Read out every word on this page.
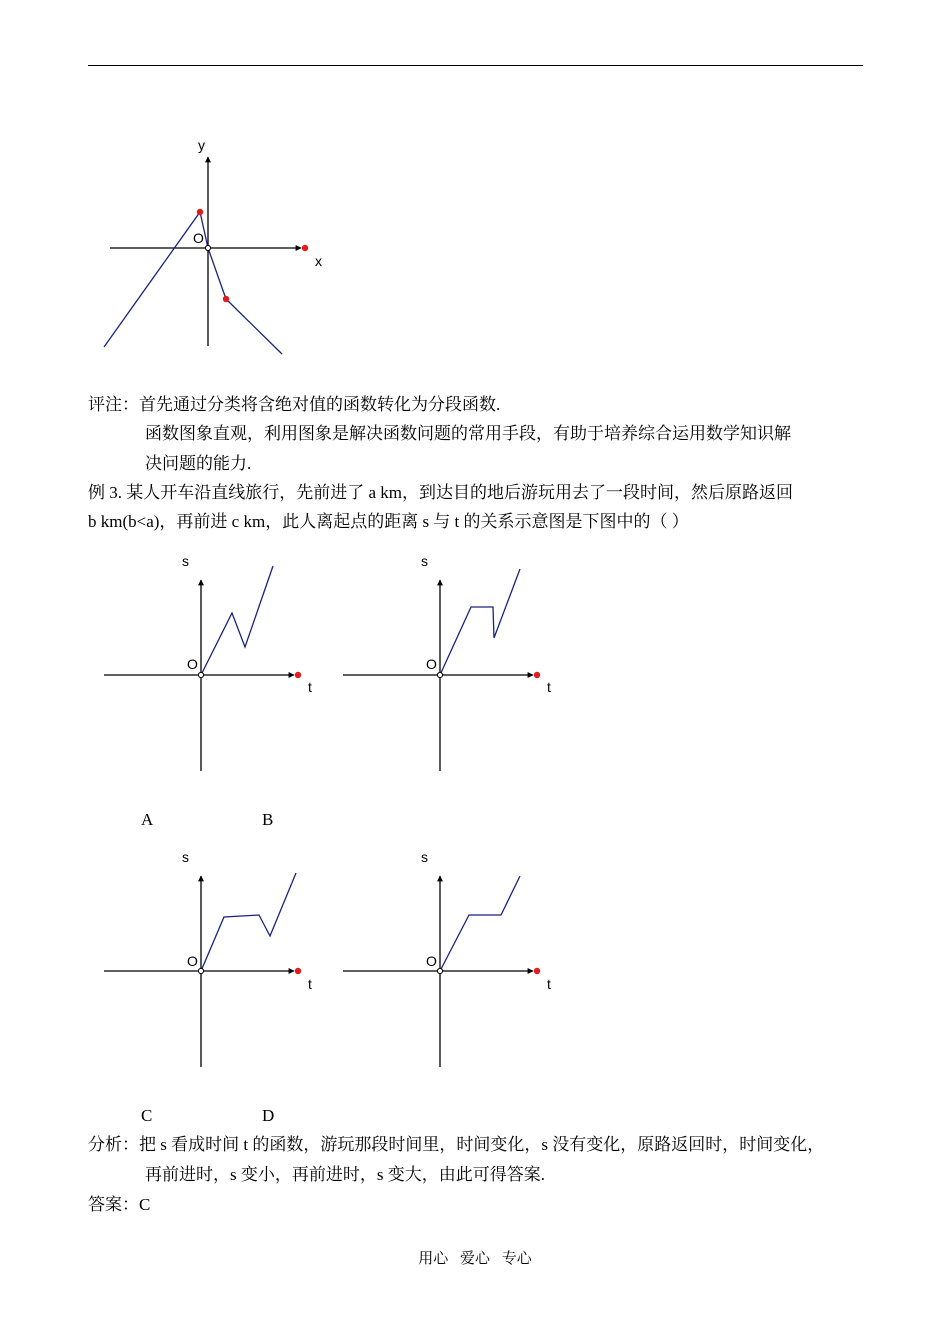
y
x
O
s
t
O
s
t
O
s
t
O
s
t
O
评注：首先通过分类将含绝对值的函数转化为分段函数.
函数图象直观，利用图象是解决函数问题的常用手段，有助于培养综合运用数学知识解
决问题的能力.
例 3. 某人开车沿直线旅行，先前进了 a km，到达目的地后游玩用去了一段时间，然后原路返回
b km(b<a)，再前进 c km，此人离起点的距离 s 与 t 的关系示意图是下图中的（ ）
A	B
C	D
分析：把 s 看成时间 t 的函数，游玩那段时间里，时间变化，s 没有变化，原路返回时，时间变化，
再前进时，s 变小，再前进时，s 变大，由此可得答案.
答案：C
用心 爱心 专心
